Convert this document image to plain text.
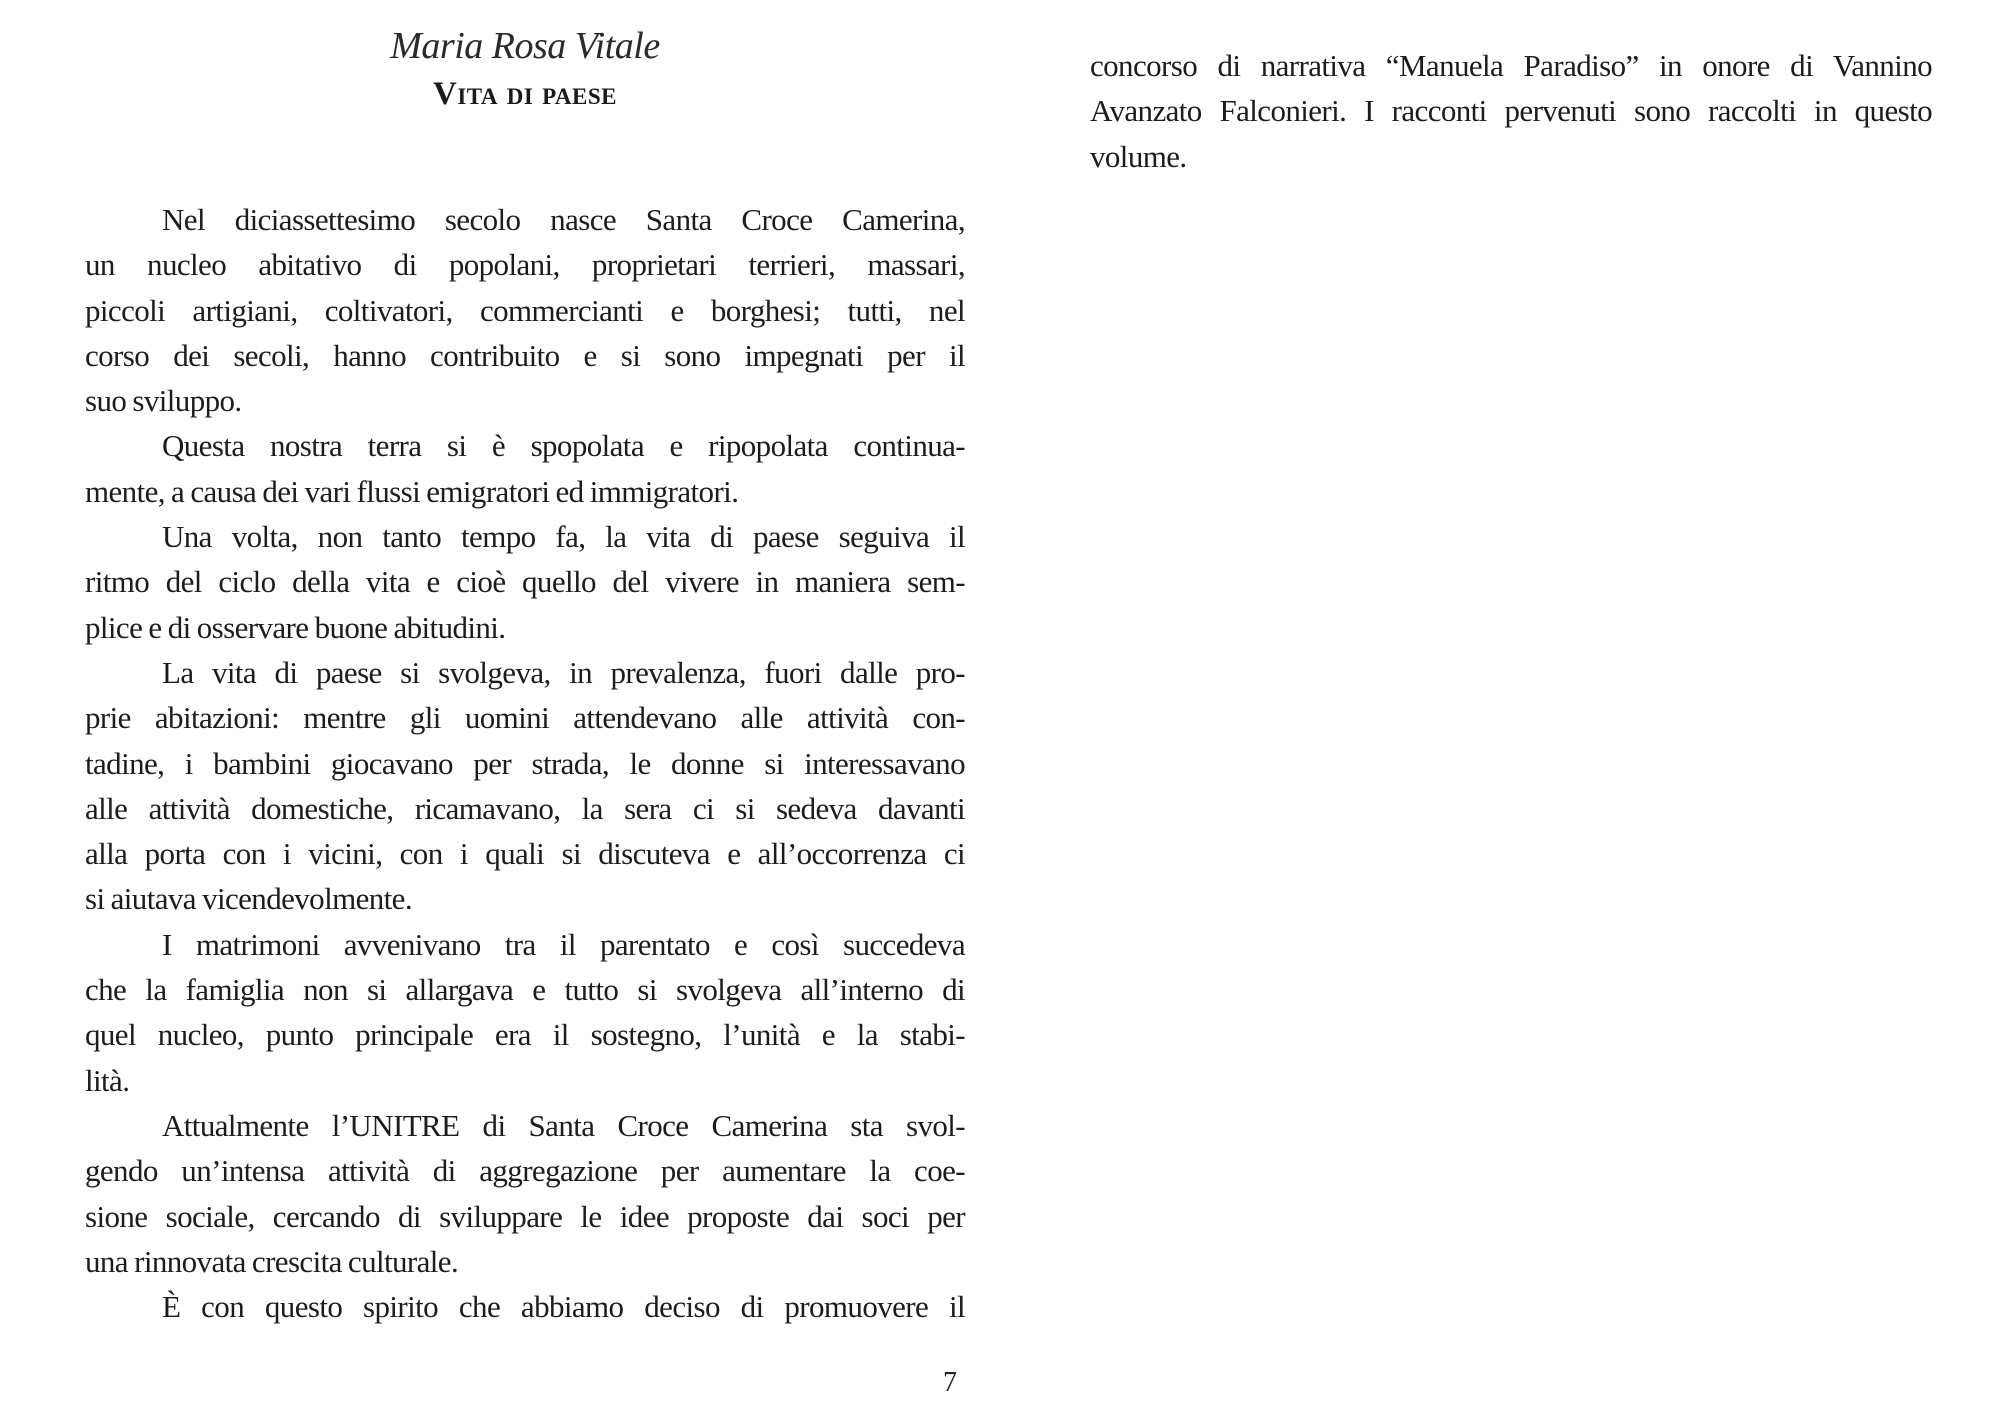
Maria Rosa Vitale
Vita di paese
Nel diciassettesimo secolo nasce Santa Croce Camerina,
un nucleo abitativo di popolani, proprietari terrieri, massari,
piccoli artigiani, coltivatori, commercianti e borghesi; tutti, nel
corso dei secoli, hanno contribuito e si sono impegnati per il
suo sviluppo.
Questa nostra terra si è spopolata e ripopolata continua-
mente, a causa dei vari flussi emigratori ed immigratori.
Una volta, non tanto tempo fa, la vita di paese seguiva il
ritmo del ciclo della vita e cioè quello del vivere in maniera sem-
plice e di osservare buone abitudini.
La vita di paese si svolgeva, in prevalenza, fuori dalle pro-
prie abitazioni: mentre gli uomini attendevano alle attività con-
tadine, i bambini giocavano per strada, le donne si interessavano
alle attività domestiche, ricamavano, la sera ci si sedeva davanti
alla porta con i vicini, con i quali si discuteva e all’occorrenza ci
si aiutava vicendevolmente.
I matrimoni avvenivano tra il parentato e così succedeva
che la famiglia non si allargava e tutto si svolgeva all’interno di
quel nucleo, punto principale era il sostegno, l’unità e la stabi-
lità.
Attualmente l’UNITRE di Santa Croce Camerina sta svol-
gendo un’intensa attività di aggregazione per aumentare la coe-
sione sociale, cercando di sviluppare le idee proposte dai soci per
una rinnovata crescita culturale.
È con questo spirito che abbiamo deciso di promuovere il
7
concorso di narrativa “Manuela Paradiso” in onore di Vannino
Avanzato Falconieri. I racconti pervenuti sono raccolti in questo
volume.
